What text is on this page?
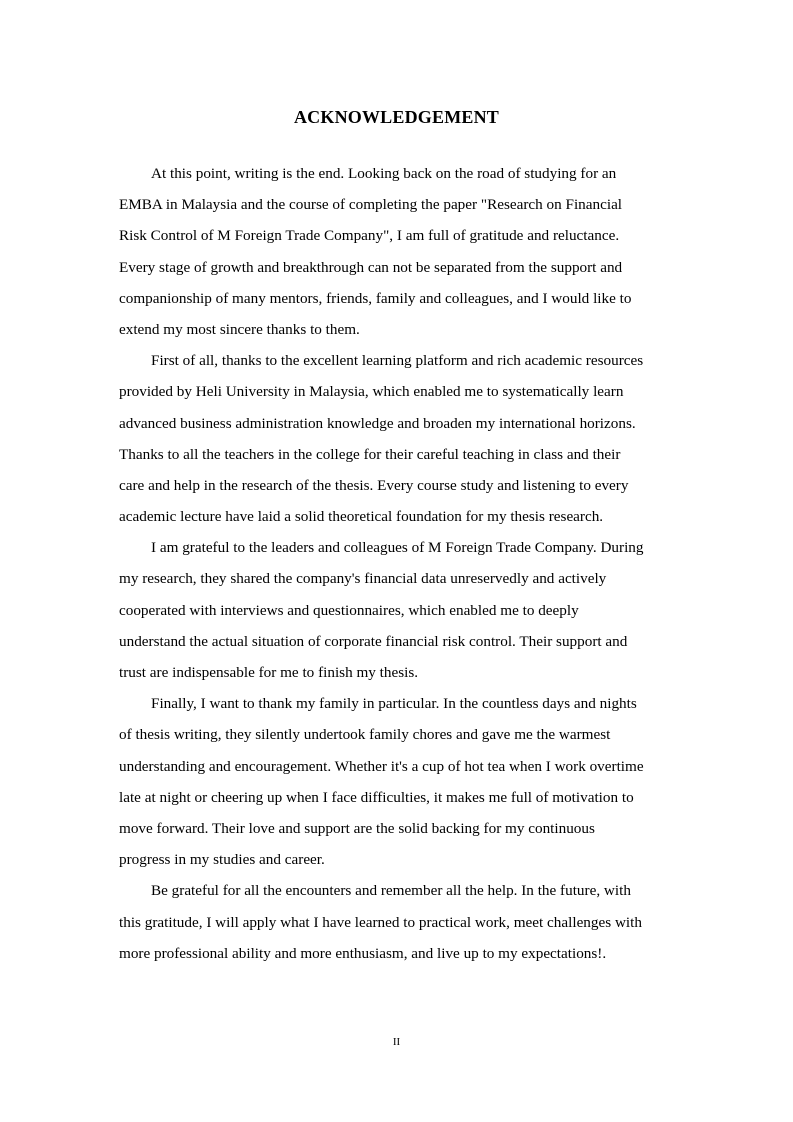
ACKNOWLEDGEMENT

At this point, writing is the end. Looking back on the road of studying for an
EMBA in Malaysia and the course of completing the paper "Research on Financial
Risk Control of M Foreign Trade Company", I am full of gratitude and reluctance.
Every stage of growth and breakthrough can not be separated from the support and
companionship of many mentors, friends, family and colleagues, and I would like to
extend my most sincere thanks to them.

First of all, thanks to the excellent learning platform and rich academic resources
provided by Heli University in Malaysia, which enabled me to systematically learn
advanced business administration knowledge and broaden my international horizons.
Thanks to all the teachers in the college for their careful teaching in class and their
care and help in the research of the thesis. Every course study and listening to every
academic lecture have laid a solid theoretical foundation for my thesis research.

I am grateful to the leaders and colleagues of M Foreign Trade Company. During
my research, they shared the company's financial data unreservedly and actively
cooperated with interviews and questionnaires, which enabled me to deeply
understand the actual situation of corporate financial risk control. Their support and
trust are indispensable for me to finish my thesis.

Finally, I want to thank my family in particular. In the countless days and nights
of thesis writing, they silently undertook family chores and gave me the warmest
understanding and encouragement. Whether it's a cup of hot tea when I work overtime
late at night or cheering up when I face difficulties, it makes me full of motivation to
move forward. Their love and support are the solid backing for my continuous
progress in my studies and career.

Be grateful for all the encounters and remember all the help. In the future, with
this gratitude, I will apply what I have learned to practical work, meet challenges with
more professional ability and more enthusiasm, and live up to my expectations!.

II
